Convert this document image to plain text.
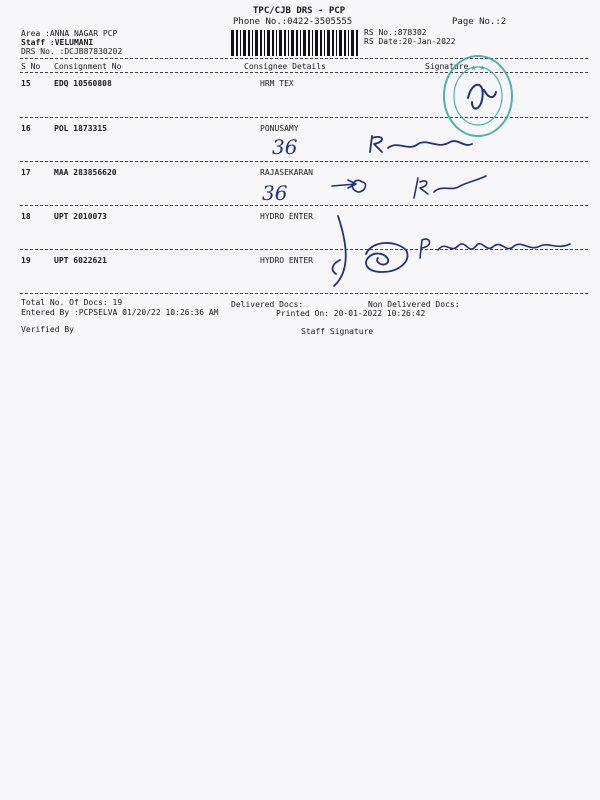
TPC/CJB DRS - PCP
Phone No.:0422-3505555	Page No.:2
Area :ANNA NAGAR PCP
Staff :VELUMANI
DRS No. :DCJB87830202
RS No.:878302
RS Date:20-Jan-2022
S No Consignment No	Consignee Details	Signature
15	EDQ 10560808	HRM TEX
16	POL 1873315	PONUSAMY
17	MAA 283856620	RAJASEKARAN
18	UPT 2010073	HYDRO ENTER
19	UPT 6022621	HYDRO ENTER
Total No. Of Docs: 19	Delivered Docs:	Non Delivered Docs:
Entered By :PCPSELVA 01/20/22 10:26:36 AM	Printed On: 20-01-2022 10:26:42
Verified By	Staff Signature
★ ★
36
36
